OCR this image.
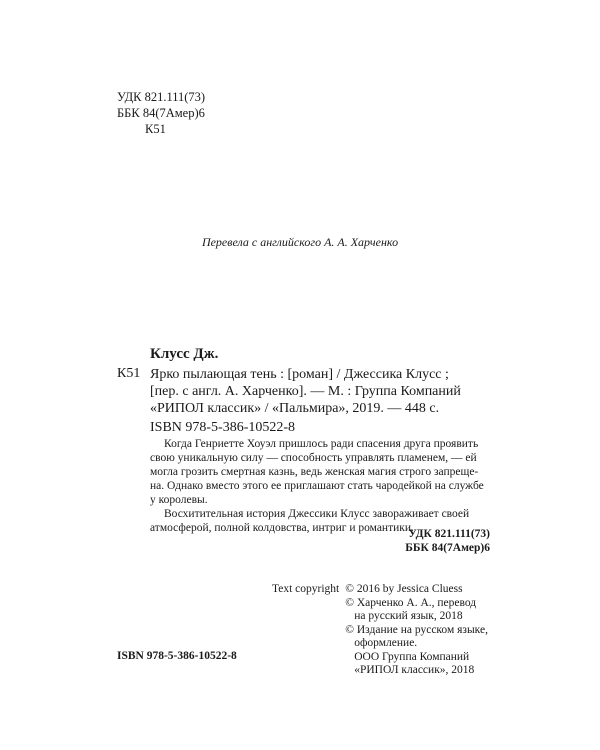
УДК 821.111(73)
ББК 84(7Амер)6
К51
Перевела с английского А. А. Харченко
Клусс Дж.
К51 Ярко пылающая тень : [роман] / Джессика Клусс ;
[пер. с англ. А. Харченко]. — М. : Группа Компаний
«РИПОЛ классик» / «Пальмира», 2019. — 448 с.
ISBN 978-5-386-10522-8
Когда Генриетте Хоуэл пришлось ради спасения друга проявить
свою уникальную силу — способность управлять пламенем, — ей
могла грозить смертная казнь, ведь женская магия строго запреще-
на. Однако вместо этого ее приглашают стать чародейкой на службе
у королевы.
Восхитительная история Джессики Клусс завораживает своей
атмосферой, полной колдовства, интриг и романтики.
УДК 821.111(73)
ББК 84(7Амер)6
Text copyright	© 2016 by Jessica Cluess
	© Харченко А. А., перевод
	на русский язык, 2018
	© Издание на русском языке,
	оформление.
	ООО Группа Компаний
	«РИПОЛ классик», 2018
ISBN 978-5-386-10522-8
